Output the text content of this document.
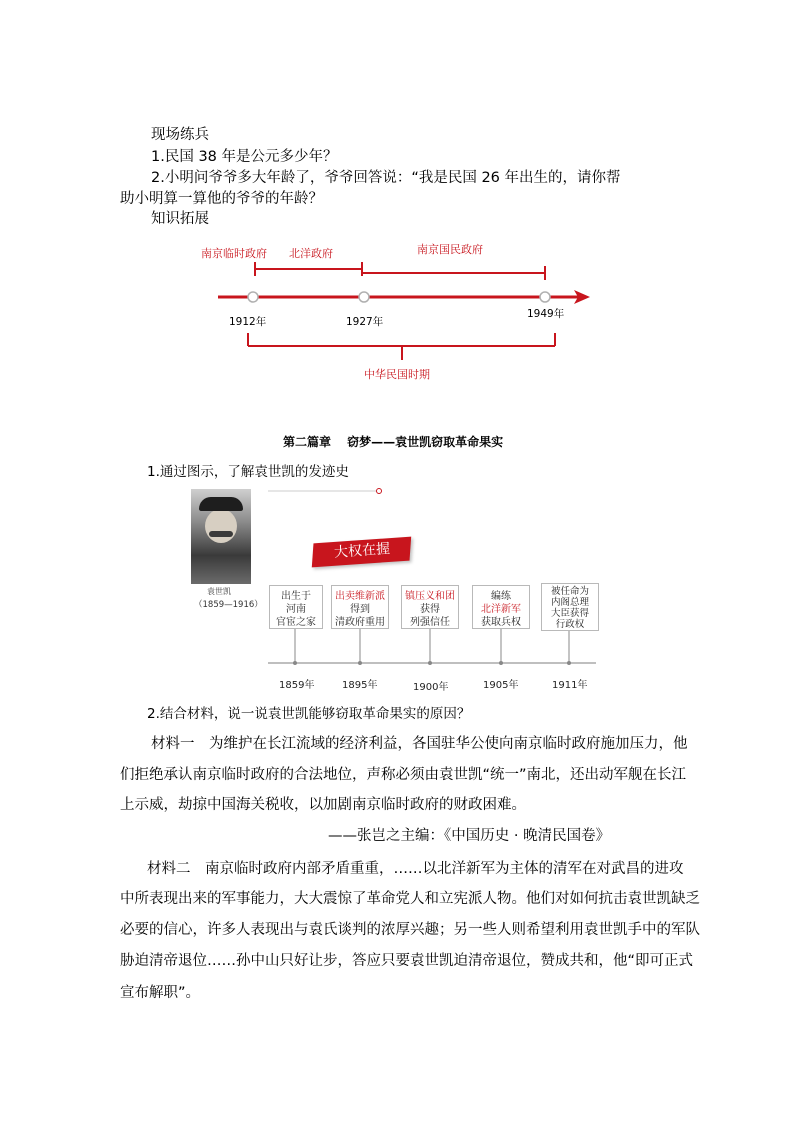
现场练兵
1.民国 38 年是公元多少年？
2.小明问爷爷多大年龄了，爷爷回答说：“我是民国 26 年出生的，请你帮
助小明算一算他的爷爷的年龄？
知识拓展
南京临时政府 北洋政府	南京国民政府
1912年	1927年
1949年
中华民国时期
第二篇章　 窃梦——袁世凯窃取革命果实
1.通过图示，了解袁世凯的发迹史
袁世凯
（1859—1916）
大权在握
出生于
河南
官宦之家
出卖维新派
得到
清政府重用
镇压义和团
获得
列强信任
编练
北洋新军
获取兵权
被任命为
内阁总理
大臣获得
行政权
1859年	1895年	1900年	1905年	1911年
2.结合材料，说一说袁世凯能够窃取革命果实的原因？
材料一　为维护在长江流域的经济利益，各国驻华公使向南京临时政府施加压力，他
们拒绝承认南京临时政府的合法地位，声称必须由袁世凯“统一”南北，还出动军舰在长江
上示威，劫掠中国海关税收，以加剧南京临时政府的财政困难。
——张岂之主编：《中国历史 · 晚清民国卷》
材料二　南京临时政府内部矛盾重重，……以北洋新军为主体的清军在对武昌的进攻
中所表现出来的军事能力，大大震惊了革命党人和立宪派人物。他们对如何抗击袁世凯缺乏
必要的信心，许多人表现出与袁氏谈判的浓厚兴趣；另一些人则希望利用袁世凯手中的军队
胁迫清帝退位……孙中山只好让步，答应只要袁世凯迫清帝退位，赞成共和，他“即可正式
宣布解职”。
